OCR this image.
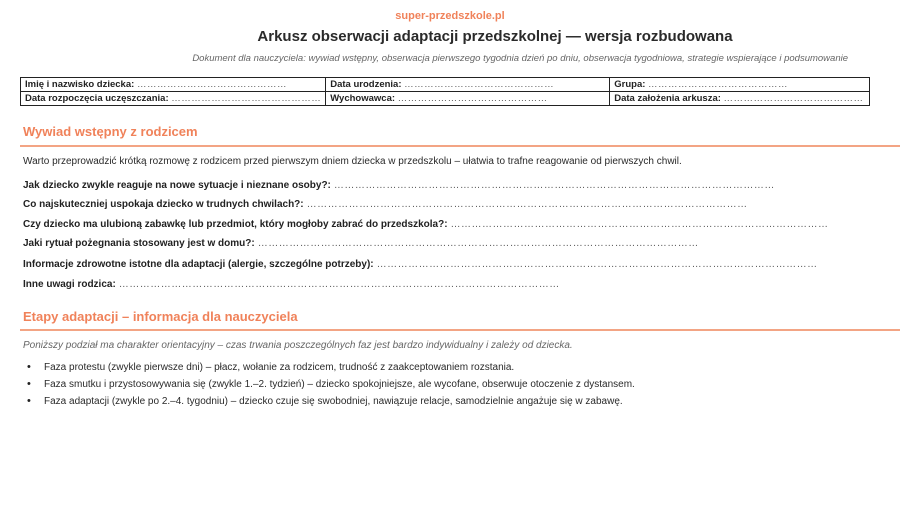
super-przedszkole.pl
Arkusz obserwacji adaptacji przedszkolnej — wersja rozbudowana
Dokument dla nauczyciela: wywiad wstępny, obserwacja pierwszego tygodnia dzień po dniu, obserwacja tygodniowa, strategie wspierające i podsumowanie
Imię i nazwisko dziecka: ………………………………………	Data urodzenia: ………………………………………	Grupa: ……………………………………
Data rozpoczęcia uczęszczania: ………………………………………	Wychowawca: ………………………………………	Data założenia arkusza: ……………………………………
Wywiad wstępny z rodzicem
Warto przeprowadzić krótką rozmowę z rodzicem przed pierwszym dniem dziecka w przedszkolu – ułatwia to trafne reagowanie od pierwszych chwil.
Jak dziecko zwykle reaguje na nowe sytuacje i nieznane osoby?: ………………………………………………………………………………………………………………
Co najskuteczniej uspokaja dziecko w trudnych chwilach?: ………………………………………………………………………………………………………………
Czy dziecko ma ulubioną zabawkę lub przedmiot, który mogłoby zabrać do przedszkola?: ………………………………………………………………………………………………
Jaki rytuał pożegnania stosowany jest w domu?: ………………………………………………………………………………………………………………
Informacje zdrowotne istotne dla adaptacji (alergie, szczególne potrzeby): ………………………………………………………………………………………………………………
Inne uwagi rodzica: ………………………………………………………………………………………………………………
Etapy adaptacji – informacja dla nauczyciela
Poniższy podział ma charakter orientacyjny – czas trwania poszczególnych faz jest bardzo indywidualny i zależy od dziecka.
• Faza protestu (zwykle pierwsze dni) – płacz, wołanie za rodzicem, trudność z zaakceptowaniem rozstania.
• Faza smutku i przystosowywania się (zwykle 1.–2. tydzień) – dziecko spokojniejsze, ale wycofane, obserwuje otoczenie z dystansem.
• Faza adaptacji (zwykle po 2.–4. tygodniu) – dziecko czuje się swobodniej, nawiązuje relacje, samodzielnie angażuje się w zabawę.
